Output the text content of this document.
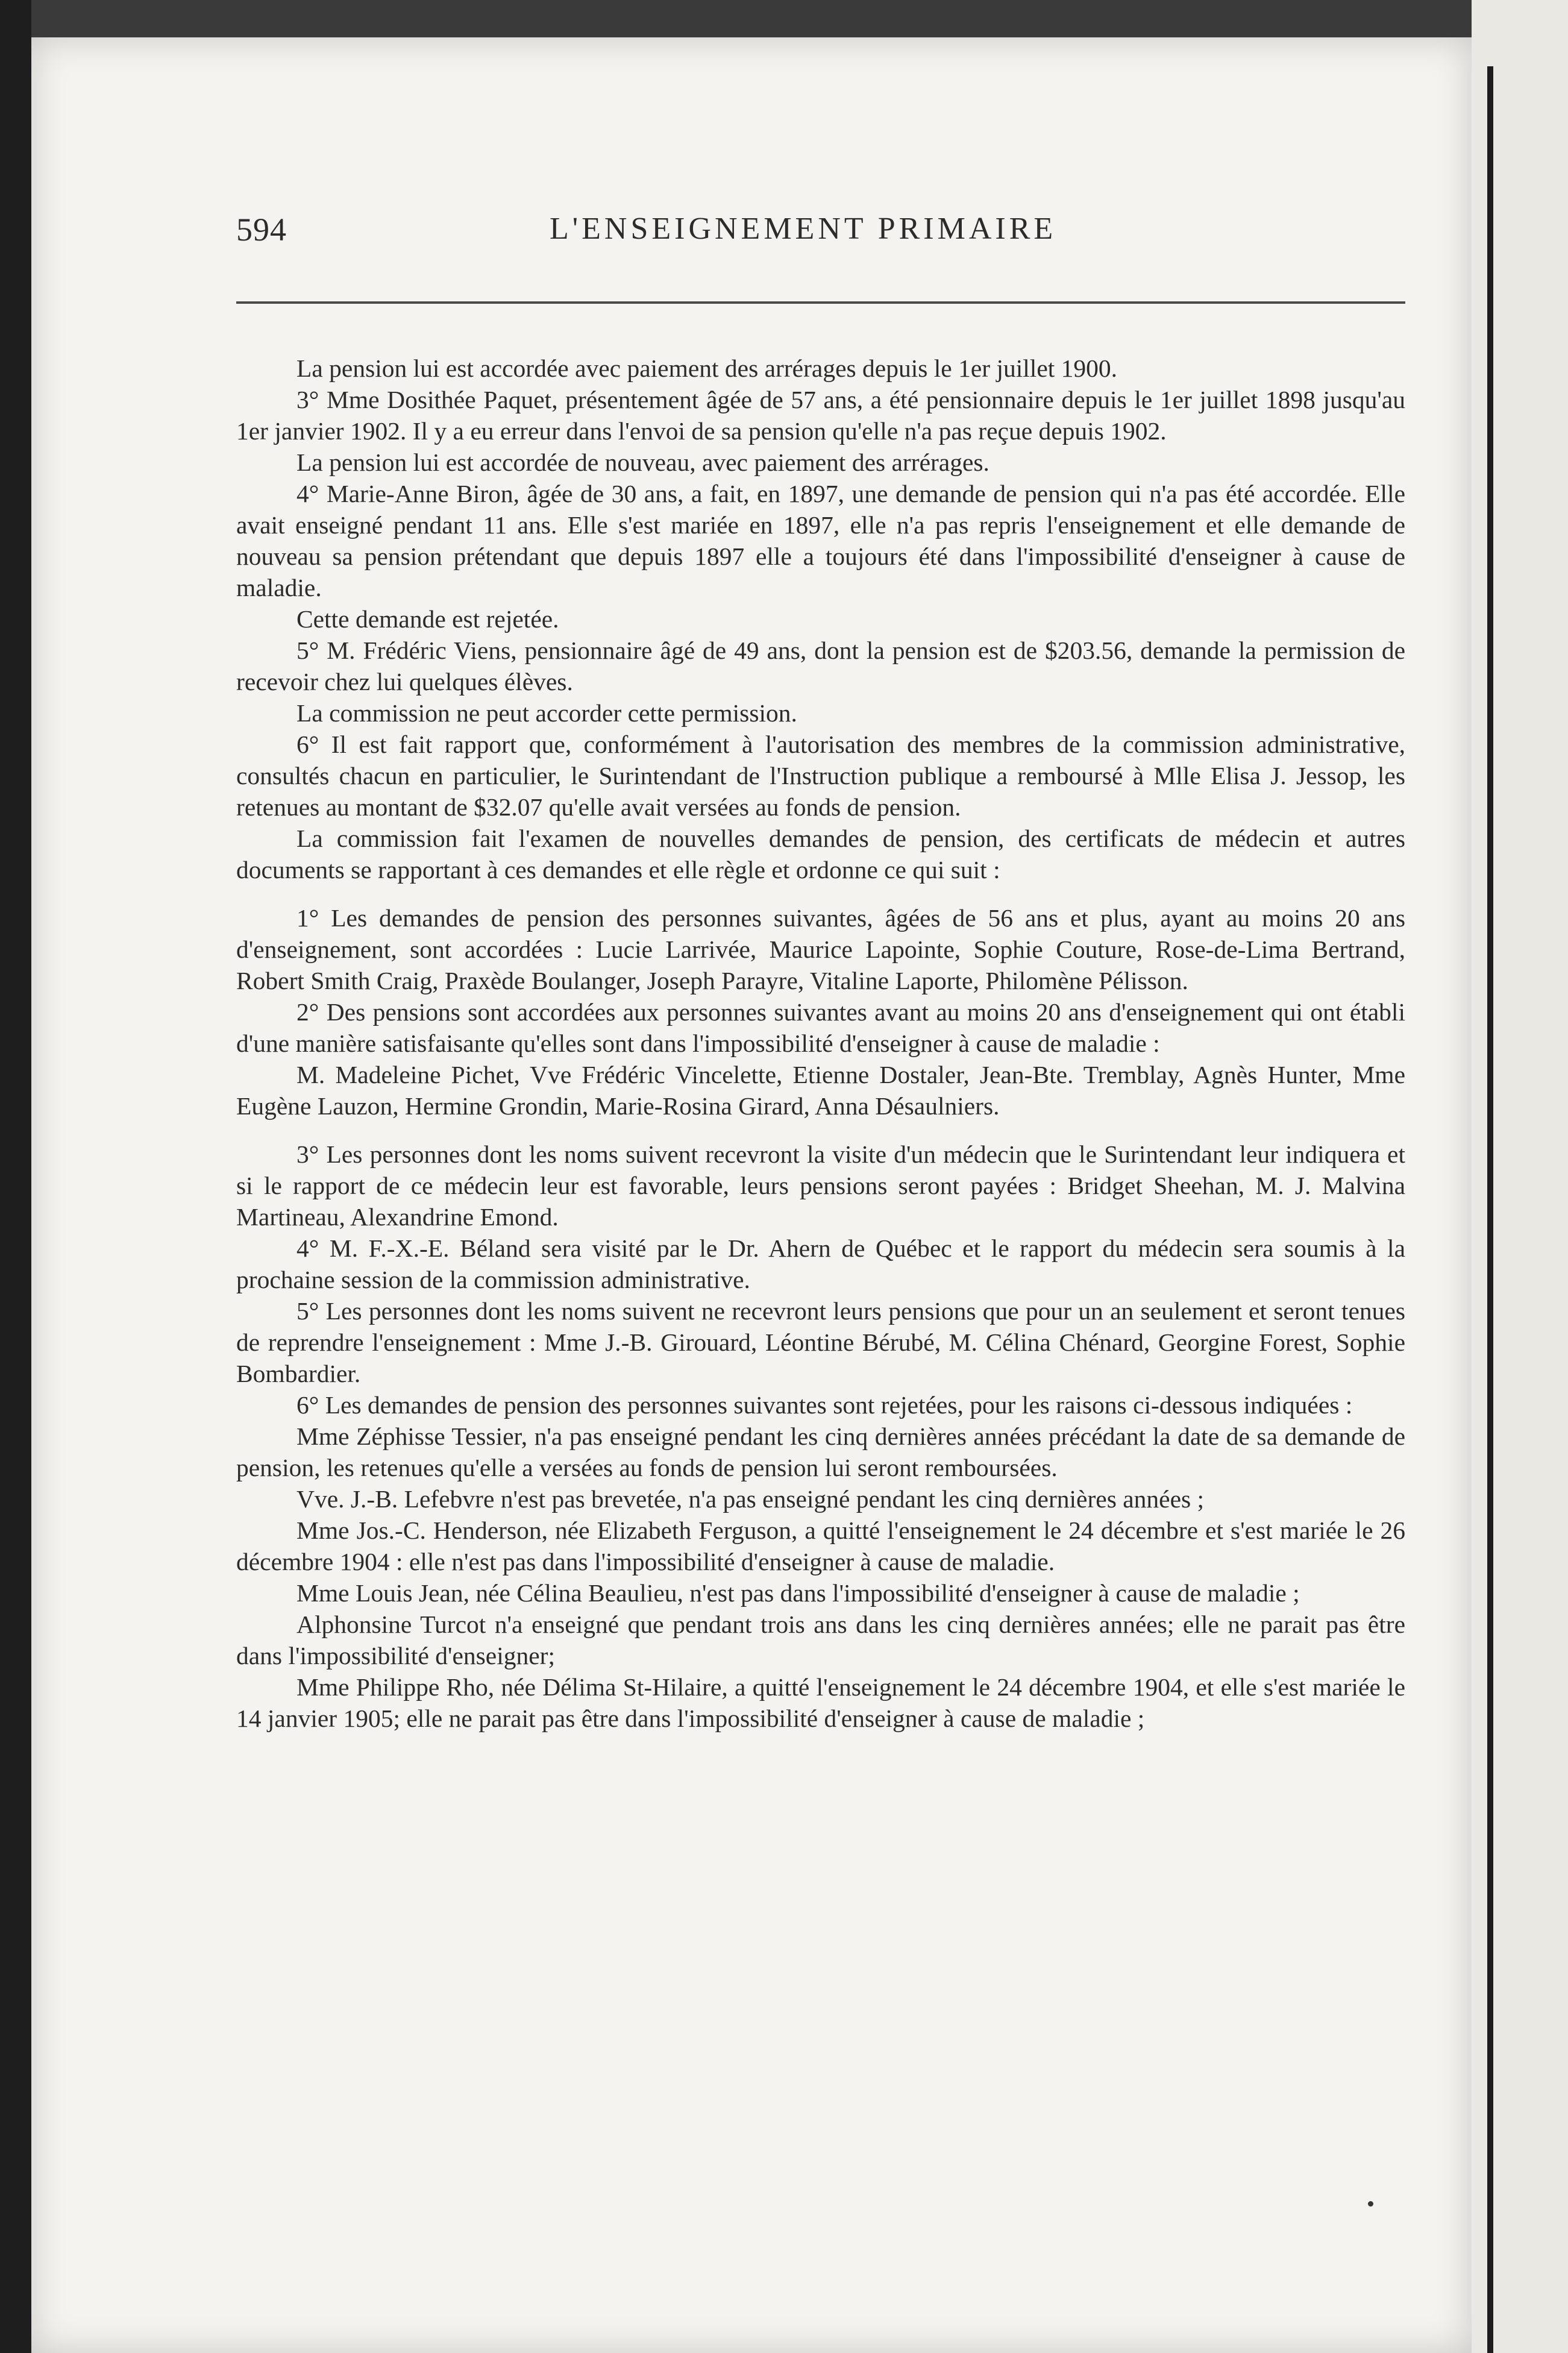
594	L'ENSEIGNEMENT PRIMAIRE

La pension lui est accordée avec paiement des arrérages depuis le 1er juillet 1900.

3° Mme Dosithée Paquet, présentement âgée de 57 ans, a été pensionnaire depuis le 1er juillet 1898 jusqu'au 1er janvier 1902. Il y a eu erreur dans l'envoi de sa pension qu'elle n'a pas reçue depuis 1902.

La pension lui est accordée de nouveau, avec paiement des arrérages.

4° Marie-Anne Biron, âgée de 30 ans, a fait, en 1897, une demande de pension qui n'a pas été accordée. Elle avait enseigné pendant 11 ans. Elle s'est mariée en 1897, elle n'a pas repris l'enseignement et elle demande de nouveau sa pension prétendant que depuis 1897 elle a toujours été dans l'impossibilité d'enseigner à cause de maladie.

Cette demande est rejetée.

5° M. Frédéric Viens, pensionnaire âgé de 49 ans, dont la pension est de $203.56, demande la permission de recevoir chez lui quelques élèves.

La commission ne peut accorder cette permission.

6° Il est fait rapport que, conformément à l'autorisation des membres de la commission administrative, consultés chacun en particulier, le Surintendant de l'Instruction publique a remboursé à Mlle Elisa J. Jessop, les retenues au montant de $32.07 qu'elle avait versées au fonds de pension.

La commission fait l'examen de nouvelles demandes de pension, des certificats de médecin et autres documents se rapportant à ces demandes et elle règle et ordonne ce qui suit :

1° Les demandes de pension des personnes suivantes, âgées de 56 ans et plus, ayant au moins 20 ans d'enseignement, sont accordées : Lucie Larrivée, Maurice Lapointe, Sophie Couture, Rose-de-Lima Bertrand, Robert Smith Craig, Praxède Boulanger, Joseph Parayre, Vitaline Laporte, Philomène Pélisson.

2° Des pensions sont accordées aux personnes suivantes avant au moins 20 ans d'enseignement qui ont établi d'une manière satisfaisante qu'elles sont dans l'impossibilité d'enseigner à cause de maladie :

M. Madeleine Pichet, Vve Frédéric Vincelette, Etienne Dostaler, Jean-Bte. Tremblay, Agnès Hunter, Mme Eugène Lauzon, Hermine Grondin, Marie-Rosina Girard, Anna Désaulniers.

3° Les personnes dont les noms suivent recevront la visite d'un médecin que le Surintendant leur indiquera et si le rapport de ce médecin leur est favorable, leurs pensions seront payées : Bridget Sheehan, M. J. Malvina Martineau, Alexandrine Emond.

4° M. F.-X.-E. Béland sera visité par le Dr. Ahern de Québec et le rapport du médecin sera soumis à la prochaine session de la commission administrative.

5° Les personnes dont les noms suivent ne recevront leurs pensions que pour un an seulement et seront tenues de reprendre l'enseignement : Mme J.-B. Girouard, Léontine Bérubé, M. Célina Chénard, Georgine Forest, Sophie Bombardier.

6° Les demandes de pension des personnes suivantes sont rejetées, pour les raisons ci-dessous indiquées :

Mme Zéphisse Tessier, n'a pas enseigné pendant les cinq dernières années précédant la date de sa demande de pension, les retenues qu'elle a versées au fonds de pension lui seront remboursées.

Vve. J.-B. Lefebvre n'est pas brevetée, n'a pas enseigné pendant les cinq dernières années ;

Mme Jos.-C. Henderson, née Elizabeth Ferguson, a quitté l'enseignement le 24 décembre et s'est mariée le 26 décembre 1904 : elle n'est pas dans l'impossibilité d'enseigner à cause de maladie.

Mme Louis Jean, née Célina Beaulieu, n'est pas dans l'impossibilité d'enseigner à cause de maladie ;

Alphonsine Turcot n'a enseigné que pendant trois ans dans les cinq dernières années; elle ne parait pas être dans l'impossibilité d'enseigner;

Mme Philippe Rho, née Délima St-Hilaire, a quitté l'enseignement le 24 décembre 1904, et elle s'est mariée le 14 janvier 1905; elle ne parait pas être dans l'impossibilité d'enseigner à cause de maladie ;
